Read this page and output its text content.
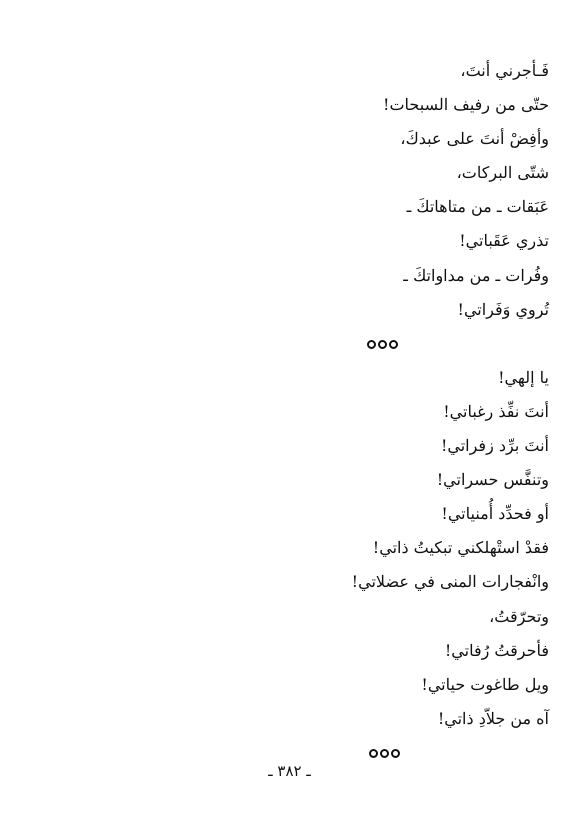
فَـأجرني أنتَ،
حتّى من رفيف السبحات!
وأفِضْ أنتَ على عبدكَ،
شتّى البركات،
عَبَقات ـ من متاهاتكَ ـ
تذري عَقَباتي!
وفُرات ـ من مداواتكَ ـ
تُروي وَفَراتي!
يا إلهي!
أنتَ نفِّذ رغباتي!
أنتَ برِّد زفراتي!
وتنفَّس حسراتي!
أو فحدِّد أُمنياتي!
فقدْ استْهلكني تبكيتُ ذاتي!
وانْفجارات المنى في عضلاتي!
وتحرّقتُ،
فأحرقتُ رُفاتي!
ويل طاغوت حياتي!
آه من جلاّدِ ذاتي!
ـ ٣٨٢ ـ
